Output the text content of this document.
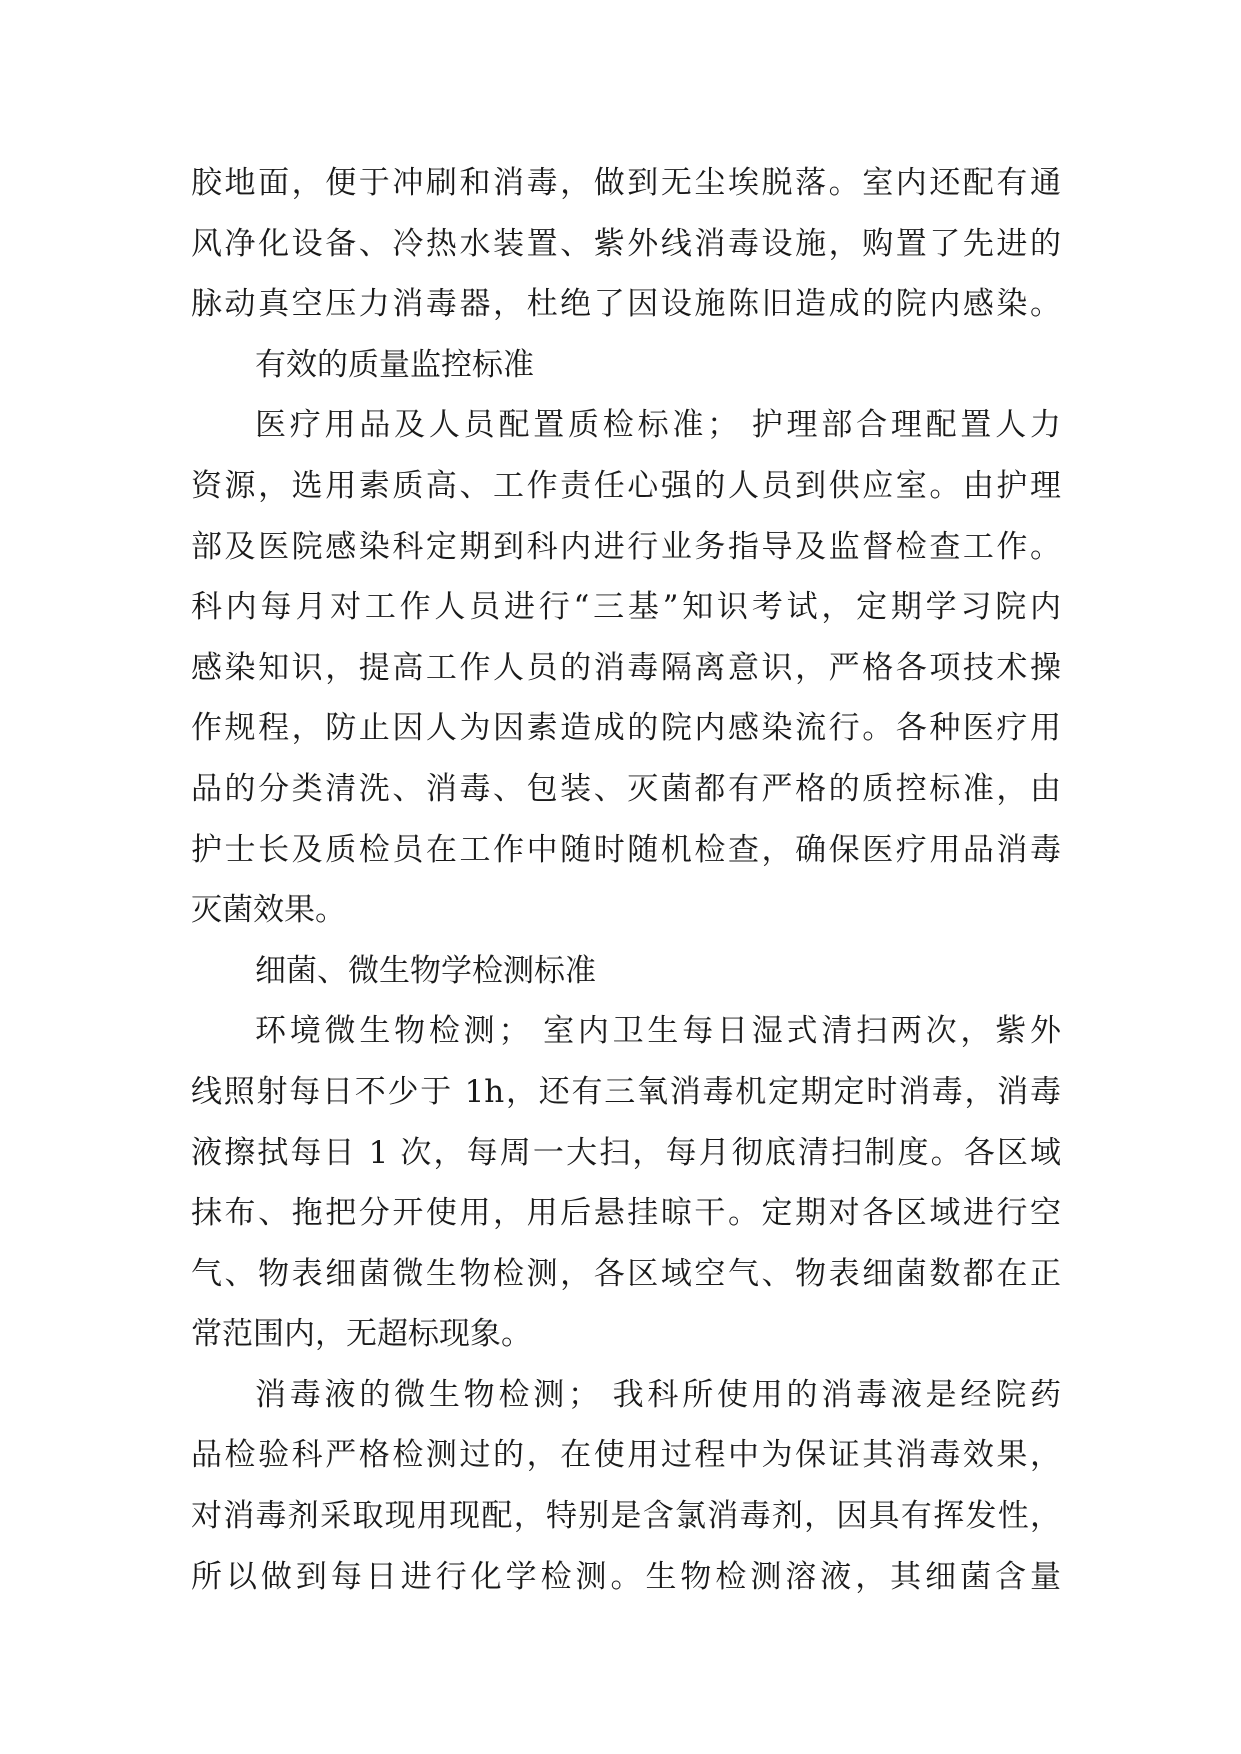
胶地面，便于冲刷和消毒，做到无尘埃脱落。室内还配有通
风净化设备、冷热水装置、紫外线消毒设施，购置了先进的
脉动真空压力消毒器，杜绝了因设施陈旧造成的院内感染。
有效的质量监控标准
医疗用品及人员配置质检标准； 护理部合理配置人力
资源，选用素质高、工作责任心强的人员到供应室。由护理
部及医院感染科定期到科内进行业务指导及监督检查工作。
科内每月对工作人员进行“三基”知识考试，定期学习院内
感染知识，提高工作人员的消毒隔离意识，严格各项技术操
作规程，防止因人为因素造成的院内感染流行。各种医疗用
品的分类清洗、消毒、包装、灭菌都有严格的质控标准，由
护士长及质检员在工作中随时随机检查，确保医疗用品消毒
灭菌效果。
细菌、微生物学检测标准
环境微生物检测； 室内卫生每日湿式清扫两次，紫外
线照射每日不少于 1h，还有三氧消毒机定期定时消毒，消毒
液擦拭每日 1 次，每周一大扫，每月彻底清扫制度。各区域
抹布、拖把分开使用，用后悬挂晾干。定期对各区域进行空
气、物表细菌微生物检测，各区域空气、物表细菌数都在正
常范围内，无超标现象。
消毒液的微生物检测； 我科所使用的消毒液是经院药
品检验科严格检测过的，在使用过程中为保证其消毒效果，
对消毒剂采取现用现配，特别是含氯消毒剂，因具有挥发性，
所以做到每日进行化学检测。生物检测溶液，其细菌含量
